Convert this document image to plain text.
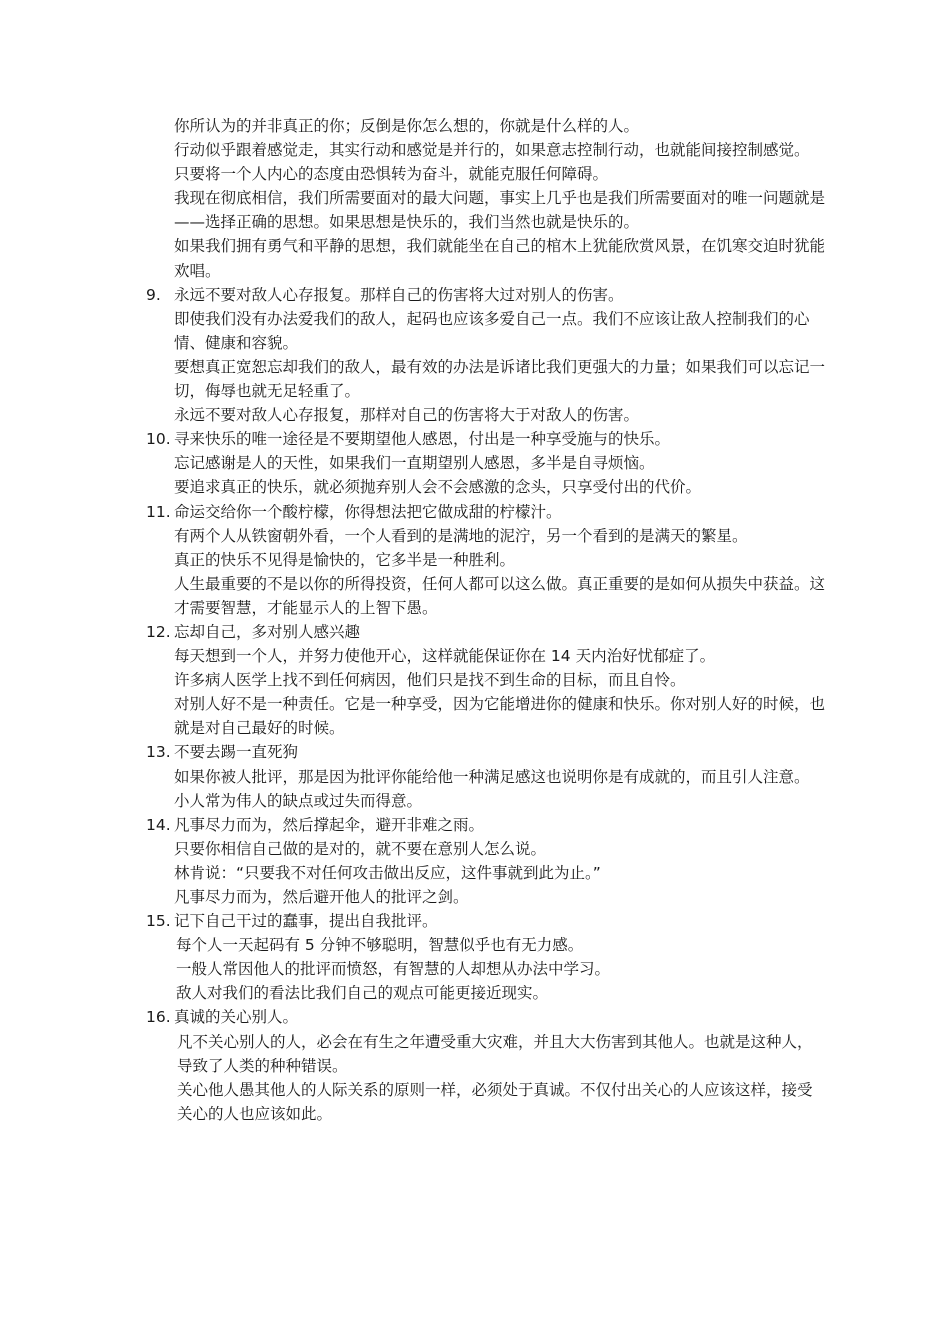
你所认为的并非真正的你；反倒是你怎么想的，你就是什么样的人。

行动似乎跟着感觉走，其实行动和感觉是并行的，如果意志控制行动，也就能间接控制感觉。

只要将一个人内心的态度由恐惧转为奋斗，就能克服任何障碍。

我现在彻底相信，我们所需要面对的最大问题，事实上几乎也是我们所需要面对的唯一问题就是——选择正确的思想。如果思想是快乐的，我们当然也就是快乐的。

如果我们拥有勇气和平静的思想，我们就能坐在自己的棺木上犹能欣赏风景，在饥寒交迫时犹能欢唱。

9. 永远不要对敌人心存报复。那样自己的伤害将大过对别人的伤害。

即使我们没有办法爱我们的敌人，起码也应该多爱自己一点。我们不应该让敌人控制我们的心情、健康和容貌。

要想真正宽恕忘却我们的敌人，最有效的办法是诉诸比我们更强大的力量；如果我们可以忘记一切，侮辱也就无足轻重了。

永远不要对敌人心存报复，那样对自己的伤害将大于对敌人的伤害。

10. 寻来快乐的唯一途径是不要期望他人感恩，付出是一种享受施与的快乐。

忘记感谢是人的天性，如果我们一直期望别人感恩，多半是自寻烦恼。

要追求真正的快乐，就必须抛弃别人会不会感激的念头，只享受付出的代价。

11. 命运交给你一个酸柠檬，你得想法把它做成甜的柠檬汁。

有两个人从铁窗朝外看，一个人看到的是满地的泥泞，另一个看到的是满天的繁星。

真正的快乐不见得是愉快的，它多半是一种胜利。

人生最重要的不是以你的所得投资，任何人都可以这么做。真正重要的是如何从损失中获益。这才需要智慧，才能显示人的上智下愚。

12. 忘却自己，多对别人感兴趣

每天想到一个人，并努力使他开心，这样就能保证你在 14 天内治好忧郁症了。

许多病人医学上找不到任何病因，他们只是找不到生命的目标，而且自怜。

对别人好不是一种责任。它是一种享受，因为它能增进你的健康和快乐。你对别人好的时候，也就是对自己最好的时候。

13. 不要去踢一直死狗

如果你被人批评，那是因为批评你能给他一种满足感这也说明你是有成就的，而且引人注意。

小人常为伟人的缺点或过失而得意。

14. 凡事尽力而为，然后撑起伞，避开非难之雨。

只要你相信自己做的是对的，就不要在意别人怎么说。

林肯说：“只要我不对任何攻击做出反应，这件事就到此为止。”

凡事尽力而为，然后避开他人的批评之剑。

15. 记下自己干过的蠢事，提出自我批评。

每个人一天起码有 5 分钟不够聪明，智慧似乎也有无力感。

一般人常因他人的批评而愤怒，有智慧的人却想从办法中学习。

敌人对我们的看法比我们自己的观点可能更接近现实。

16. 真诚的关心别人。

凡不关心别人的人，必会在有生之年遭受重大灾难，并且大大伤害到其他人。也就是这种人，导致了人类的种种错误。

关心他人愚其他人的人际关系的原则一样，必须处于真诚。不仅付出关心的人应该这样，接受关心的人也应该如此。
